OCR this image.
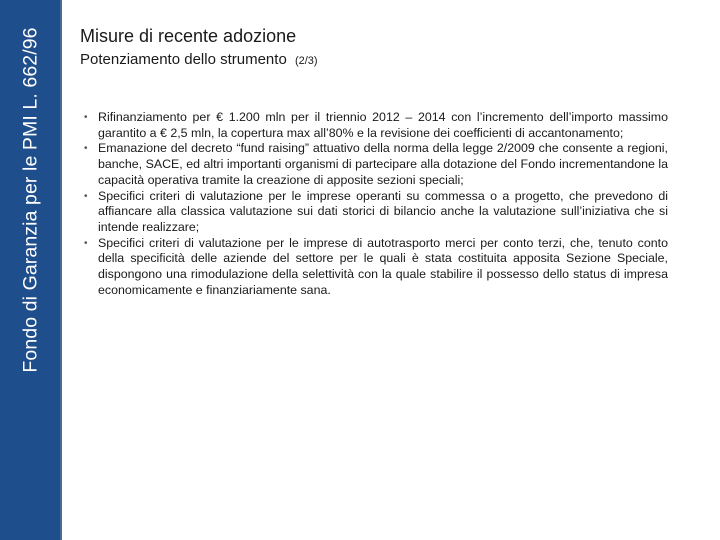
Fondo di Garanzia per le PMI L. 662/96 Misure di recente adozione
Potenziamento dello strumento (2/3)
• Rifinanziamento per € 1.200 mln per il triennio 2012 – 2014 con l’incremento dell’importo massimo garantito a € 2,5 mln, la copertura max all’80% e la revisione dei coefficienti di accantonamento;
• Emanazione del decreto “fund raising” attuativo della norma della legge 2/2009 che consente a regioni, banche, SACE, ed altri importanti organismi di partecipare alla dotazione del Fondo incrementandone la capacità operativa tramite la creazione di apposite sezioni speciali;
• Specifici criteri di valutazione per le imprese operanti su commessa o a progetto, che prevedono di affiancare alla classica valutazione sui dati storici di bilancio anche la valutazione sull’iniziativa che si intende realizzare;
• Specifici criteri di valutazione per le imprese di autotrasporto merci per conto terzi, che, tenuto conto della specificità delle aziende del settore per le quali è stata costituita apposita Sezione Speciale, dispongono una rimodulazione della selettività con la quale stabilire il possesso dello status di impresa economicamente e finanziariamente sana.
